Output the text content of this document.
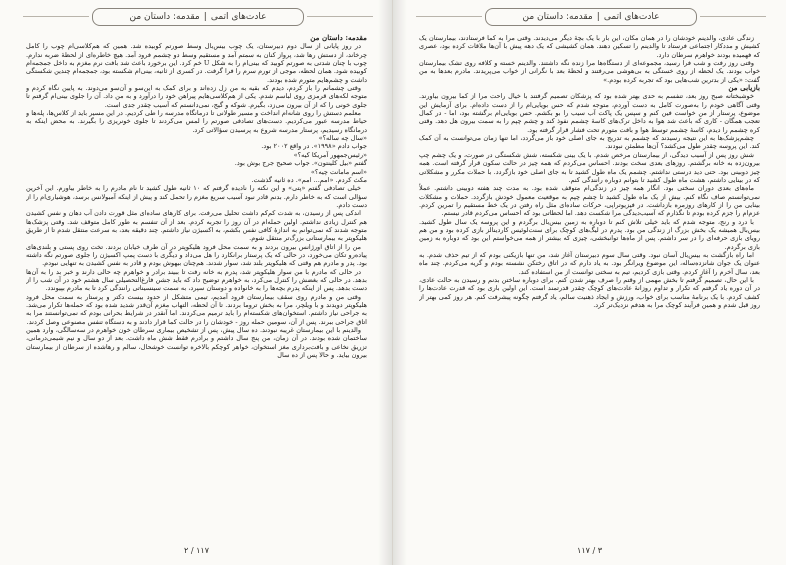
عادت‌های اتمی|مقدمه: داستان من

مقدمه: داستان من

در روز پایانی از سال دوم دبیرستان، یک چوب بیس‌بال وسط صورتم کوبیده شد. همین که هم‌کلاسی‌ام چوب را کامل چرخاند، از دستش رها شد، پرواز کنان به سمتم آمد و مستقیم وسط دو چشمم فرود آمد. هیچ خاطره‌ای از لحظهٔ ضربه ندارم. چوب با چنان شدتی به صورتم کوبید که بینی‌ام را به شکل U خم کرد. این برخورد باعث شد بافت نرم مغزم به داخل جمجمه‌ام کوبیده شود. همان لحظه، موجی از تورم سرم را فرا گرفت. در کسری از ثانیه، بینی‌ام شکسته بود، جمجمه‌ام چندین شکستگی داشت و چشم‌هایم متورم شده بودند.

وقتی چشمانم را باز کردم، دیدم که بقیه به من زل زده‌اند و برای کمک به این‌سو و آن‌سو می‌دوند. به پایین نگاه کردم و متوجه لکه‌های قرمزی روی لباسم شدم. یکی از هم‌کلاسی‌هایم پیراهن خود را درآورد و به من داد. آن را جلوی بینی‌ام گرفتم تا جلوی خونی را که از آن بیرون می‌زد، بگیرم. شوکه و گیج، نمی‌دانستم که آسیب چقدر جدی است.

معلمم دستش را روی شانه‌ام انداخت و مسیر طولانی تا درمانگاه مدرسه را طی کردیم. در این مسیر باید از کلاس‌ها، پله‌ها و حیاط مدرسه عبور می‌کردیم. دست‌های تصادفی صورتم را لمس می‌کردند تا جلوی خونریزی را بگیرند. به محض اینکه به درمانگاه رسیدیم، پرستار مدرسه شروع به پرسیدن سؤالاتی کرد.

«سال چه ساله؟»

جواب دادم «۱۹۹۸». در واقع ۲۰۰۲ بود.

«رئیس‌جمهور آمریکا کیه؟»

گفتم «بیل کلینتون». جواب صحیح جرج بوش بود.

«اسم مامانت چیه؟»

مکث کردم. «امم... امم». ده ثانیه گذشت.

خیلی تصادفی گفتم «پتی» و این نکته را نادیده گرفتم که ۱۰ ثانیه طول کشید تا نام مادرم را به خاطر بیاورم. این آخرین سؤالی است که به خاطر دارم. بدنم قادر نبود آسیب سریع مغزم را تحمل کند و پیش از اینکه آمبولانس برسد، هوشیاری‌ام را از دست دادم.

اندکی پس از رسیدن، به شدت کم‌کم داشت تحلیل می‌رفت. برای کارهای ساده‌ای مثل قورت دادن آب دهان و نفس کشیدن هم کنترل زیادی نداشتم. اولین حمله‌ام در آن روز را تجربه کردم. بعد از آن تنفسم به طور کامل متوقف شد. وقتی پزشک‌ها متوجه شدند که نمی‌توانم به اندازهٔ کافی نفس بکشم، به اکسیژن نیاز داشتم. چند دقیقه بعد، به سرعت منتقل شدم تا از طریق هلیکوپتر به بیمارستانی بزرگ‌تر منتقل شوم.

من را از اتاق اورژانس بیرون بردند و به سمت محل فرود هلیکوپتر در آن طرف خیابان بردند. تخت روی پستی و بلندی‌های پیاده‌رو تکان می‌خورد، در حالی که یک پرستار برانکارد را هل می‌داد و دیگری با دست پمپ اکسیژن را جلوی صورتم نگه داشته بود. پدر و مادرم هم وقتی که هلیکوپتر بلند شد، سوار شدند. هم‌چنان بیهوش بودم و قادر به نفس کشیدن به تنهایی نبودم.

در حالی که مادرم با من سوار هلیکوپتر شد، پدرم به خانه رفت تا ببیند برادر و خواهرم چه حالی دارند و خبر بد را به آن‌ها بدهد. در حالی که بغضش را کنترل می‌کرد، به خواهرم توضیح داد که باید جشن فارغ‌التحصیلی سال هشتم خود در آن شب را از دست بدهد. پس از اینکه پدرم بچه‌ها را به خانواده و دوستان سپرد، به سمت سینسیناتی رانندگی کرد تا به مادرم بپیوندد.

وقتی من و مادرم روی سقف بیمارستان فرود آمدیم، تیمی متشکل از حدود بیست دکتر و پرستار به سمت محل فرود هلیکوپتر دویدند و با ویلچر، مرا به بخش تروما بردند. تا آن لحظه، التهاب مغزم آن‌قدر شدید شده بود که حمله‌ها تکرار می‌شد. به جراحی نیاز داشتم. استخوان‌های شکسته‌ام را باید ترمیم می‌کردند. اما آنقدر در شرایط بحرانی بودم که نمی‌توانستند مرا به اتاق جراحی ببرند. پس از آن، سومین حمله روز - خودشان را در حالت کما قرار دادند و به دستگاه تنفس مصنوعی وصل کردند.

والدینم با این بیمارستان غریبه نبودند. ده سال پیش، پس از تشخیص بیماری سرطان خون خواهرم در سه‌سالگی، وارد همین ساختمان شده بودند. در آن زمان، من پنج سال داشتم و برادرم فقط شش ماه داشت. بعد از دو سال و نیم شیمی‌درمانی، تزریق نخاعی و بافت‌برداری مغز استخوان، خواهر کوچکم بالاخره توانست خوشحال، سالم و رهاشده از سرطان از بیمارستان بیرون بیاید. و حالا پس از ده سال

۲ / ۱۱۷
عادت‌های اتمی|مقدمه: داستان من

زندگی عادی، والدینم خودشان را در همان مکان، این بار با یک بچهٔ دیگر می‌دیدند. وقتی مرا به کما فرستادند، بیمارستان یک کشیش و مددکار اجتماعی فرستاد تا والدینم را تسکین دهند. همان کشیشی که یک دهه پیش با آن‌ها ملاقات کرده بود، عصری که فهمیده بودند خواهرم سرطان دارد.

وقتی روز رفت و شب فرا رسید، مجموعه‌ای از دستگاه‌ها مرا زنده نگه داشتند. والدینم خسته و کلافه روی تشک بیمارستان خواب بودند. یک لحظه از روی خستگی به بی‌هوشی می‌رفتند و لحظهٔ بعد با نگرانی از خواب می‌پریدند. مادرم بعدها به من گفت: «یکی از بدترین شب‌هایی بود که تجربه کرده بودم.»

بازیابی من

خوشبختانه صبح روز بعد، تنفسم به حدی بهتر شده بود که پزشکان تصمیم گرفتند با خیال راحت مرا از کما بیرون بیاورند. وقتی آگاهی خودم را به‌صورت کامل به دست آوردم، متوجه شدم که حس بویایی‌ام را از دست داده‌ام. برای آزمایش این موضوع، پرستار از من خواست فین کنم و سپس یک پاکت آب سیب را بو بکشم. حس بویایی‌ام برگشته بود، اما - در کمال تعجب همگان - کاری که باعث شد هوا به داخل ترک‌های کاسهٔ چشمم نفوذ کند و چشم چپم را به سمت بیرون هل دهد. وقتی کره چشمم را دیدم، کاسهٔ چشمم توسط هوا و بافت متورم تحت فشار قرار گرفته بود.

چشم‌پزشک‌ها به این نتیجه رسیدند که چشمم به تدریج به جای اصلی خود باز می‌گردد، اما تنها زمان می‌توانست به آن کمک کند. این پروسه چقدر طول می‌کشد؟ آن‌ها مطمئن نبودند.

شش روز پس از آسیب دیدگی، از بیمارستان مرخص شدم. با یک بینی شکسته، شش شکستگی در صورت، و یک چشم چپ بیرون‌زده به خانه برگشتم. روزهای بعدی سخت بودند. احساس می‌کردم که همه چیز در حالت سکون قرار گرفته است. همه چیز دوبینی بود. حتی دید درستی نداشتم. چشمم یک ماه طول کشید تا به جای اصلی خود بازگردد. با حملات مکرر و مشکلاتی که در بینایی داشتم، هشت ماه طول کشید تا بتوانم دوباره رانندگی کنم.

ماه‌های بعدی دوران سختی بود. انگار همه چیز در زندگی‌ام متوقف شده بود. به مدت چند هفته دوبینی داشتم. عملاً نمی‌توانستم صاف نگاه کنم. بیش از یک ماه طول کشید تا چشم چپم به موقعیت معمول خودش بازگردد. حملات و مشکلات بینایی من را از کارهای روزمره بازداشت. در فیزیوتراپی، حرکات ساده‌ای مثل راه رفتن در یک خط مستقیم را تمرین کردم. عزم‌ام را جزم کرده بودم تا نگذارم که آسیب‌دیدگی مرا شکست دهد. اما لحظاتی بود که احساس می‌کردم قادر نیستم.

با درد و رنج، متوجه شدم که باید خیلی تلاش کنم تا دوباره به زمین بیس‌بال برگردم و این پروسه یک سال طول کشید. بیس‌بال همیشه یک بخش بزرگ از زندگی من بود. پدرم در لیگ‌های کوچک برای سنت‌لوئیس کاردینالز بازی کرده بود و من هم رویای بازی حرفه‌ای را در سر داشتم. پس از ماه‌ها توانبخشی، چیزی که بیشتر از همه می‌خواستم این بود که دوباره به زمین بازی برگردم.

اما راه بازگشت به بیس‌بال آسان نبود. وقتی سال سوم دبیرستان آغاز شد، من تنها بازیکنی بودم که از تیم حذف شدم. به عنوان یک جوان شانزده‌ساله، این موضوع ویرانگر بود. به یاد دارم که در اتاق رختکن نشسته بودم و گریه می‌کردم. چند ماه بعد، سال آخرم را آغاز کردم. وقتی بازی کردیم، تیم به سختی توانست از من استفاده کند.

با این حال، تصمیم گرفتم تا بخش مهمی از وقتم را صرف بهتر شدن کنم. برای دوباره ساختن بدنم و رسیدن به حالت عادی، در آن دوره یاد گرفتم که تکرار و تداوم روزانهٔ عادت‌های کوچک چقدر قدرتمند است. این اولین باری بود که قدرت عادت‌ها را کشف کردم. با یک برنامهٔ مناسب برای خواب، ورزش و ایجاد ذهنیت سالم، یاد گرفتم چگونه پیشرفت کنم. هر روز کمی بهتر از روز قبل شدم و همین فرآیند کوچک مرا به هدفم نزدیک‌تر کرد.

۱۱۷ / ۳
